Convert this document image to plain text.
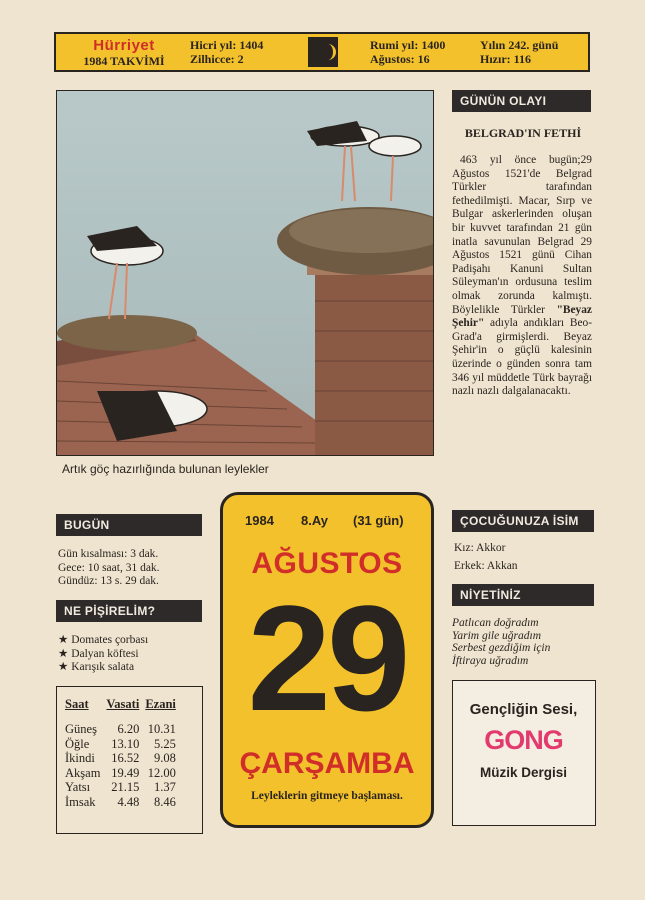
Hürriyet
1984 TAKVİMİ
Hicri yıl: 1404
Zilhicce: 2
Rumi yıl: 1400
Ağustos: 16
Yılın 242. günü
Hızır: 116
Artık göç hazırlığında bulunan leylekler
GÜNÜN OLAYI
BELGRAD'IN FETHİ
463 yıl önce bugün;29 Ağustos 1521'de Belgrad Türkler tarafından fethedilmişti. Macar, Sırp ve Bulgar askerlerinden oluşan bir kuvvet tarafından 21 gün inatla savunulan Belgrad 29 Ağustos 1521 günü Cihan Padişahı Kanuni Sultan Süleyman'ın ordusuna teslim olmak zorunda kalmıştı. Böylelikle Türkler "Beyaz Şehir" adıyla andıkları Beo-Grad'a girmişlerdi. Beyaz Şehir'in o güçlü kalesinin üzerinde o günden sonra tam 346 yıl müddetle Türk bayrağı nazlı nazlı dalgalanacaktı.
BUGÜN
Gün kısalması: 3 dak.
Gece: 10 saat, 31 dak.
Gündüz: 13 s. 29 dak.
NE PİŞİRELİM?
★ Domates çorbası
★ Dalyan köftesi
★ Karışık salata
Saat	Vasati	Ezani
Güneş	6.20	10.31
Öğle	13.10	5.25
İkindi	16.52	9.08
Akşam	19.49	12.00
Yatsı	21.15	1.37
İmsak	4.48	8.46
1984 8.Ay (31 gün)
AĞUSTOS
29
ÇARŞAMBA
Leyleklerin gitmeye başlaması.
ÇOCUĞUNUZA İSİM
Kız: Akkor
Erkek: Akkan
NİYETİNİZ
Patlıcan doğradım
Yarim gile uğradım
Serbest gezdiğim için
İftiraya uğradım
Gençliğin Sesi,
GONG
Müzik Dergisi
